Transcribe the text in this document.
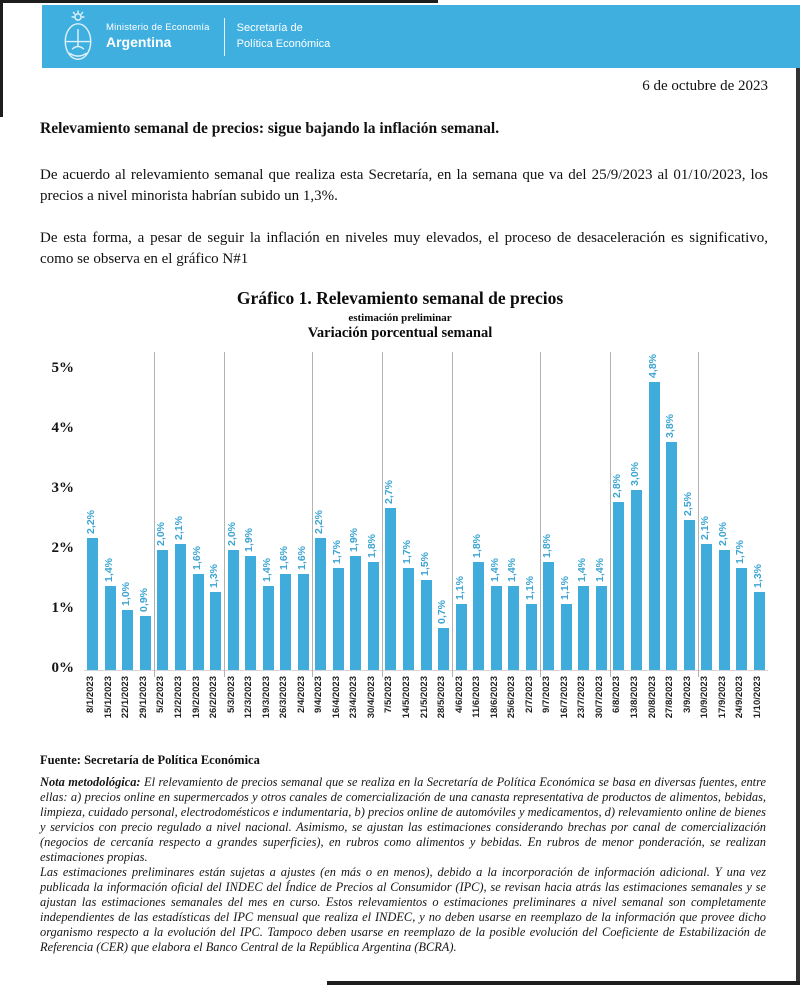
Ministerio de Economía
Argentina
Secretaría de
Política Económica
6 de octubre de 2023
Relevamiento semanal de precios: sigue bajando la inflación semanal.
De acuerdo al relevamiento semanal que realiza esta Secretaría, en la semana que va del 25/9/2023 al 01/10/2023, los precios a nivel minorista habrían subido un 1,3%.
De esta forma, a pesar de seguir la inflación en niveles muy elevados, el proceso de desaceleración es significativo, como se observa en el gráfico N#1
Gráfico 1. Relevamiento semanal de precios
estimación preliminar
Variación porcentual semanal
0%
1%
2%
3%
4%
5%
2,2%
8/1/2023
1,4%
15/1/2023
1,0%
22/1/2023
0,9%
29/1/2023
2,0%
5/2/2023
2,1%
12/2/2023
1,6%
19/2/2023
1,3%
26/2/2023
2,0%
5/3/2023
1,9%
12/3/2023
1,4%
19/3/2023
1,6%
26/3/2023
1,6%
2/4/2023
2,2%
9/4/2023
1,7%
16/4/2023
1,9%
23/4/2023
1,8%
30/4/2023
2,7%
7/5/2023
1,7%
14/5/2023
1,5%
21/5/2023
0,7%
28/5/2023
1,1%
4/6/2023
1,8%
11/6/2023
1,4%
18/6/2023
1,4%
25/6/2023
1,1%
2/7/2023
1,8%
9/7/2023
1,1%
16/7/2023
1,4%
23/7/2023
1,4%
30/7/2023
2,8%
6/8/2023
3,0%
13/8/2023
4,8%
20/8/2023
3,8%
27/8/2023
2,5%
3/9/2023
2,1%
10/9/2023
2,0%
17/9/2023
1,7%
24/9/2023
1,3%
1/10/2023
Fuente: Secretaría de Política Económica
Nota metodológica: El relevamiento de precios semanal que se realiza en la Secretaría de Política Económica se basa en diversas fuentes, entre ellas: a) precios online en supermercados y otros canales de comercialización de una canasta representativa de productos de alimentos, bebidas, limpieza, cuidado personal, electrodomésticos e indumentaria, b) precios online de automóviles y medicamentos, d) relevamiento online de bienes y servicios con precio regulado a nivel nacional. Asimismo, se ajustan las estimaciones considerando brechas por canal de comercialización (negocios de cercanía respecto a grandes superficies), en rubros como alimentos y bebidas. En rubros de menor ponderación, se realizan estimaciones propias.
Las estimaciones preliminares están sujetas a ajustes (en más o en menos), debido a la incorporación de información adicional. Y una vez publicada la información oficial del INDEC del Índice de Precios al Consumidor (IPC), se revisan hacia atrás las estimaciones semanales y se ajustan las estimaciones semanales del mes en curso. Estos relevamientos o estimaciones preliminares a nivel semanal son completamente independientes de las estadísticas del IPC mensual que realiza el INDEC, y no deben usarse en reemplazo de la información que provee dicho organismo respecto a la evolución del IPC. Tampoco deben usarse en reemplazo de la posible evolución del Coeficiente de Estabilización de Referencia (CER) que elabora el Banco Central de la República Argentina (BCRA).
